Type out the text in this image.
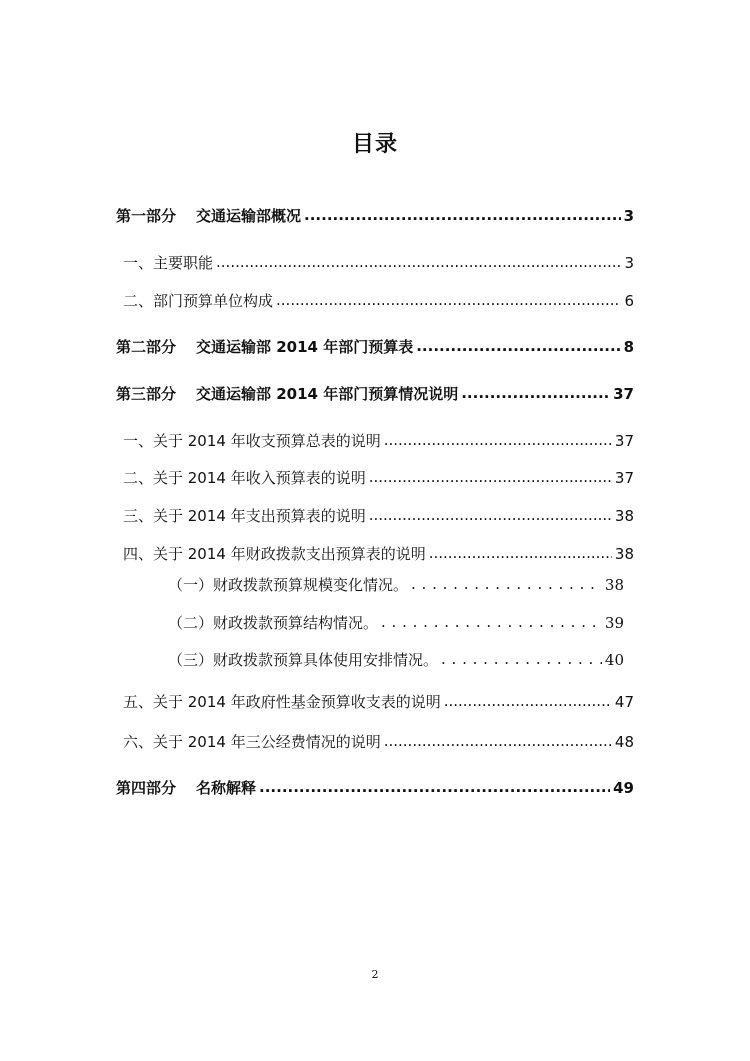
目录
第一部分 交通运输部概况 .....	3
一、主要职能 .....	3
二、部门预算单位构成 .....	6
第二部分 交通运输部 2014 年部门预算表 .....	8
第三部分 交通运输部 2014 年部门预算情况说明 .....	37
一、关于 2014 年收支预算总表的说明 .....	37
二、关于 2014 年收入预算表的说明 .....	37
三、关于 2014 年支出预算表的说明 .....	38
四、关于 2014 年财政拨款支出预算表的说明 .....	38
（一）财政拨款预算规模变化情况。 . . .	38
（二）财政拨款预算结构情况。 . . .	39
（三）财政拨款预算具体使用安排情况。 . . .	40
五、关于 2014 年政府性基金预算收支表的说明 .....	47
六、关于 2014 年三公经费情况的说明 .....	48
第四部分 名称解释 .....	49
2
